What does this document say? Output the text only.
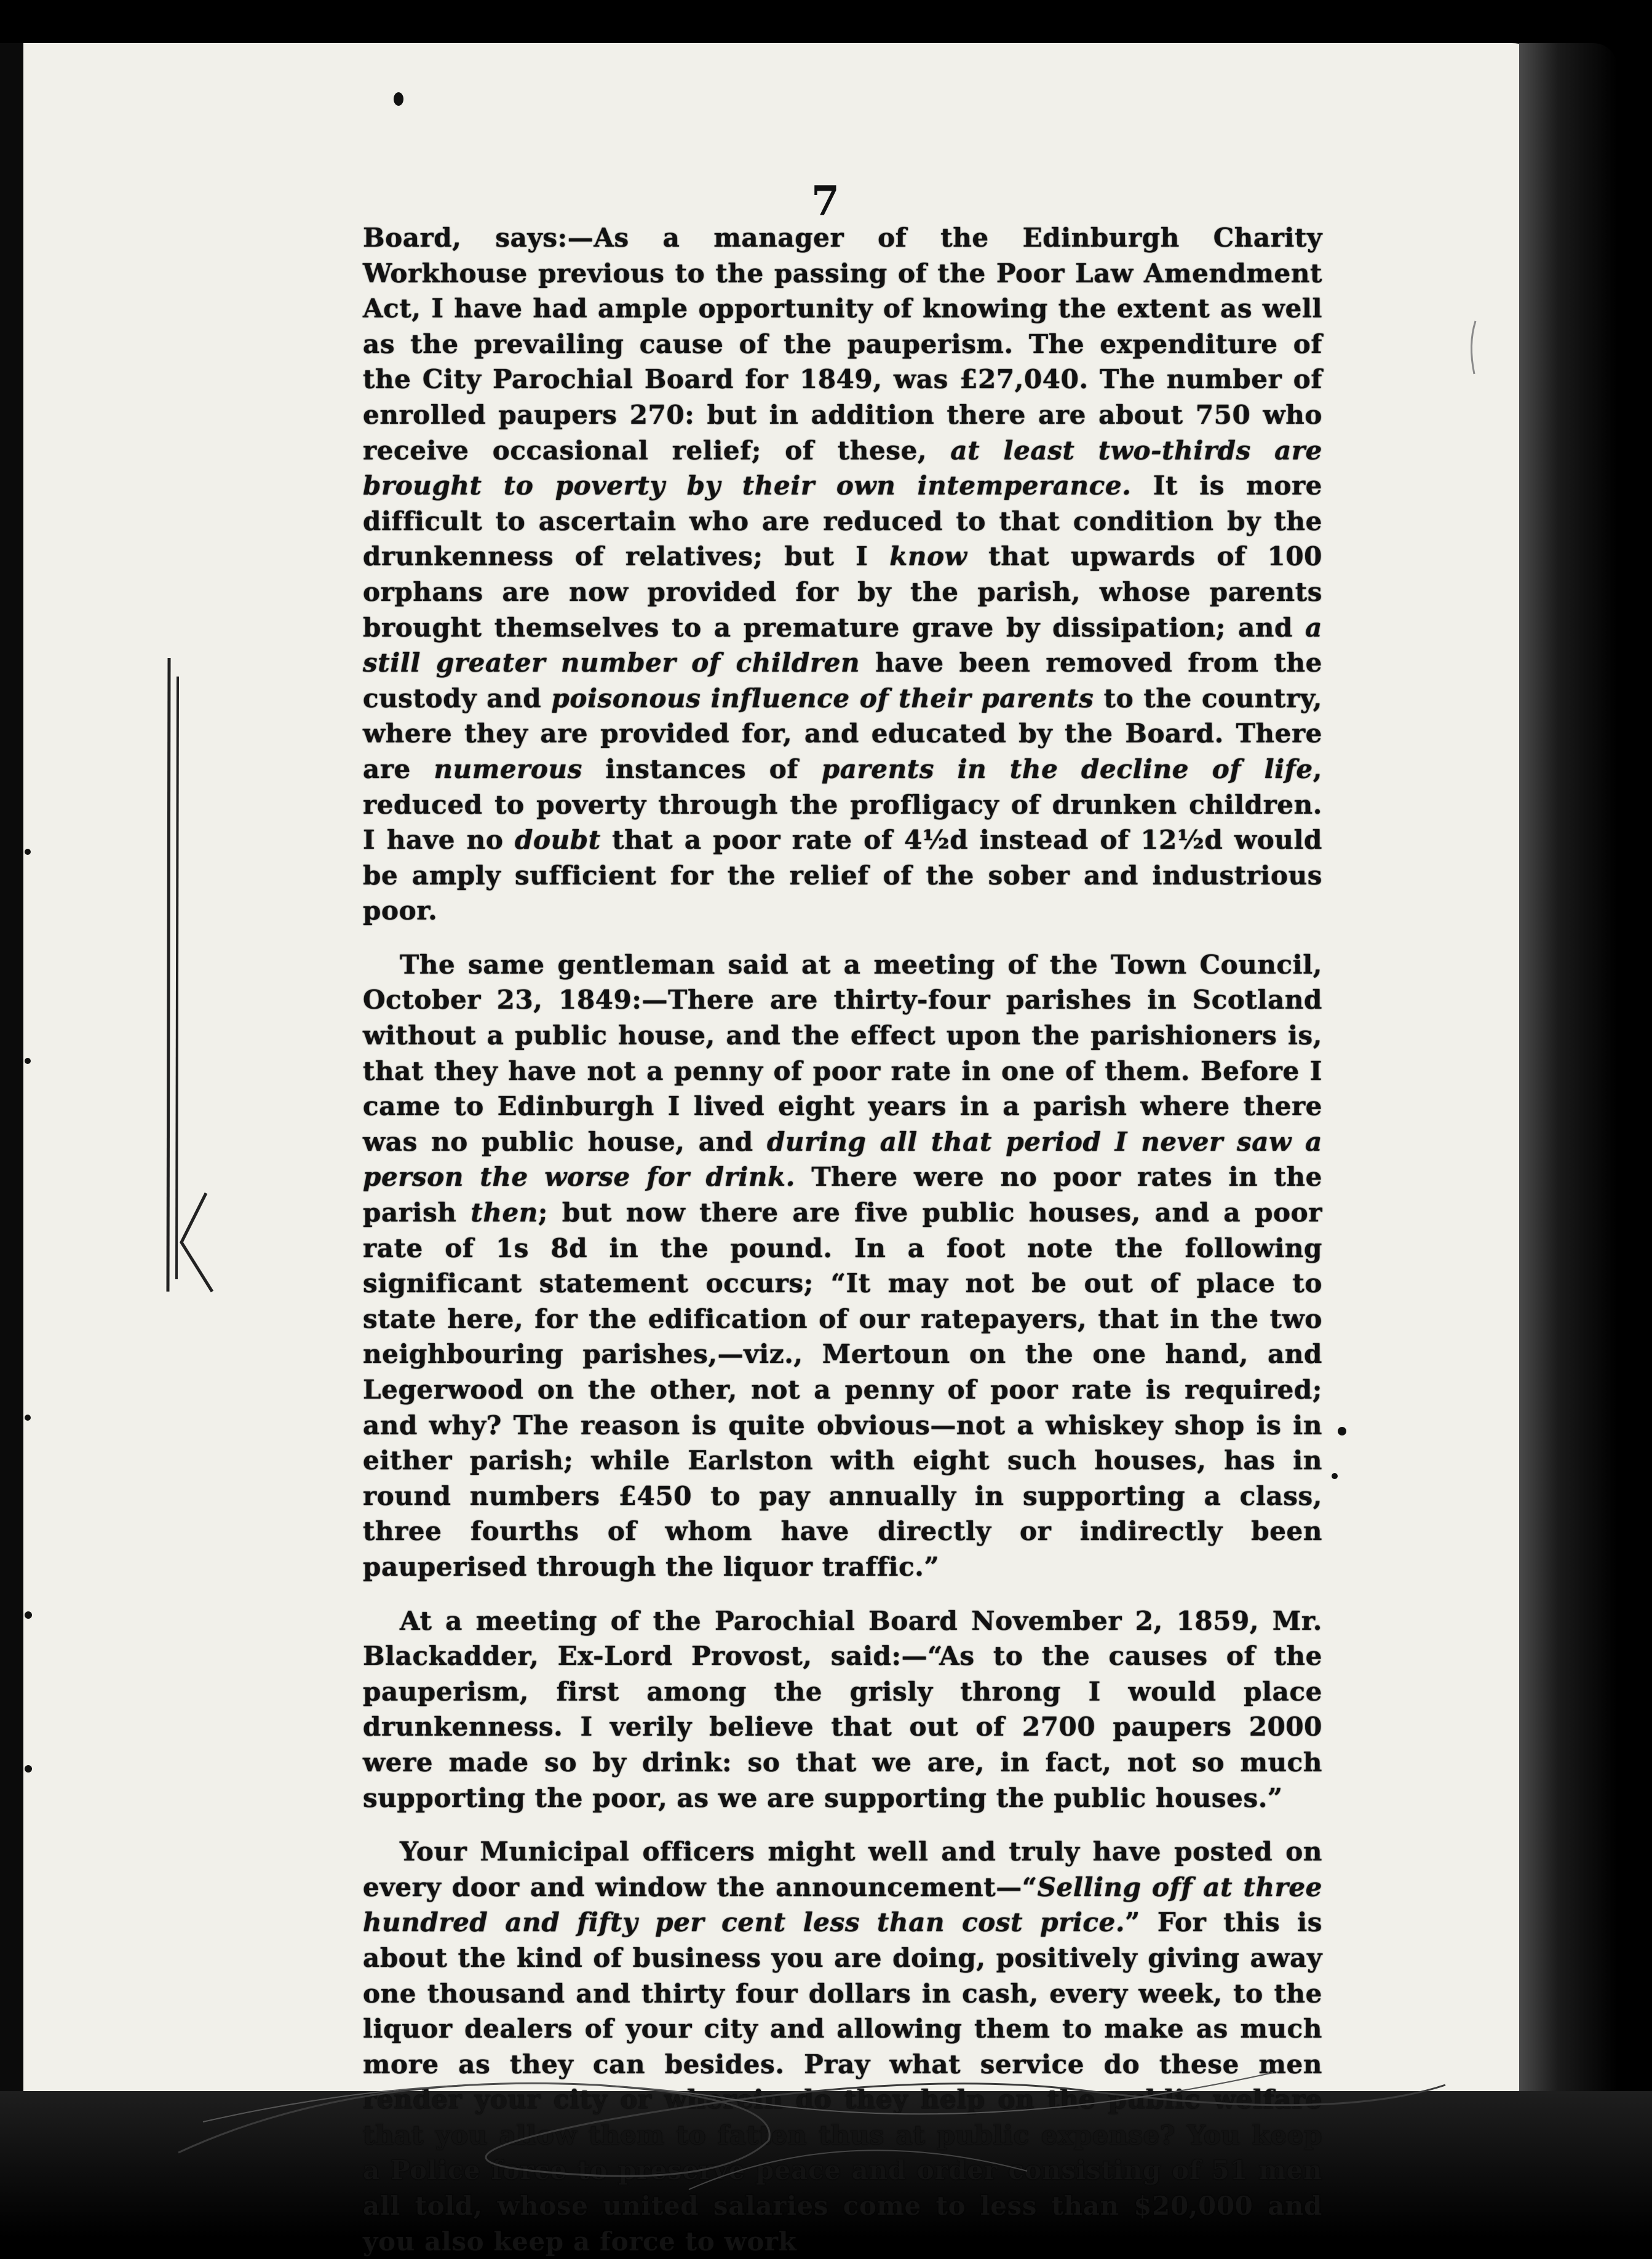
7

Board, says:—As a manager of the Edinburgh Charity Workhouse previous to the passing of the Poor Law Amendment Act, I have had ample opportunity of knowing the extent as well as the prevailing cause of the pauperism. The expenditure of the City Parochial Board for 1849, was £27,040. The number of enrolled paupers 270: but in addition there are about 750 who receive occasional relief; of these, at least two-thirds are brought to poverty by their own intemperance. It is more difficult to ascertain who are reduced to that condition by the drunkenness of relatives; but I know that upwards of 100 orphans are now provided for by the parish, whose parents brought themselves to a premature grave by dissipation; and a still greater number of children have been removed from the custody and poisonous influence of their parents to the country, where they are provided for, and educated by the Board. There are numerous instances of parents in the decline of life, reduced to poverty through the profligacy of drunken children. I have no doubt that a poor rate of 4½d instead of 12½d would be amply sufficient for the relief of the sober and industrious poor.

The same gentleman said at a meeting of the Town Council, October 23, 1849:—There are thirty-four parishes in Scotland without a public house, and the effect upon the parishioners is, that they have not a penny of poor rate in one of them. Before I came to Edinburgh I lived eight years in a parish where there was no public house, and during all that period I never saw a person the worse for drink. There were no poor rates in the parish then; but now there are five public houses, and a poor rate of 1s 8d in the pound. In a foot note the following significant statement occurs; “It may not be out of place to state here, for the edification of our ratepayers, that in the two neighbouring parishes,—viz., Mertoun on the one hand, and Legerwood on the other, not a penny of poor rate is required; and why? The reason is quite obvious—not a whiskey shop is in either parish; while Earlston with eight such houses, has in round numbers £450 to pay annually in supporting a class, three fourths of whom have directly or indirectly been pauperised through the liquor traffic.”

At a meeting of the Parochial Board November 2, 1859, Mr. Blackadder, Ex-Lord Provost, said:—“As to the causes of the pauperism, first among the grisly throng I would place drunkenness. I verily believe that out of 2700 paupers 2000 were made so by drink: so that we are, in fact, not so much supporting the poor, as we are supporting the public houses.”

Your Municipal officers might well and truly have posted on every door and window the announcement—“Selling off at three hundred and fifty per cent less than cost price.” For this is about the kind of business you are doing, positively giving away one thousand and thirty four dollars in cash, every week, to the liquor dealers of your city and allowing them to make as much more as they can besides. Pray what service do these men render your city or wherein do they help on the public welfare that you allow them to fatten thus at public expense? You keep a Police force to preserve peace and order consisting of 51 men all told, whose united salaries come to less than $20,000 and you also keep a force to work
